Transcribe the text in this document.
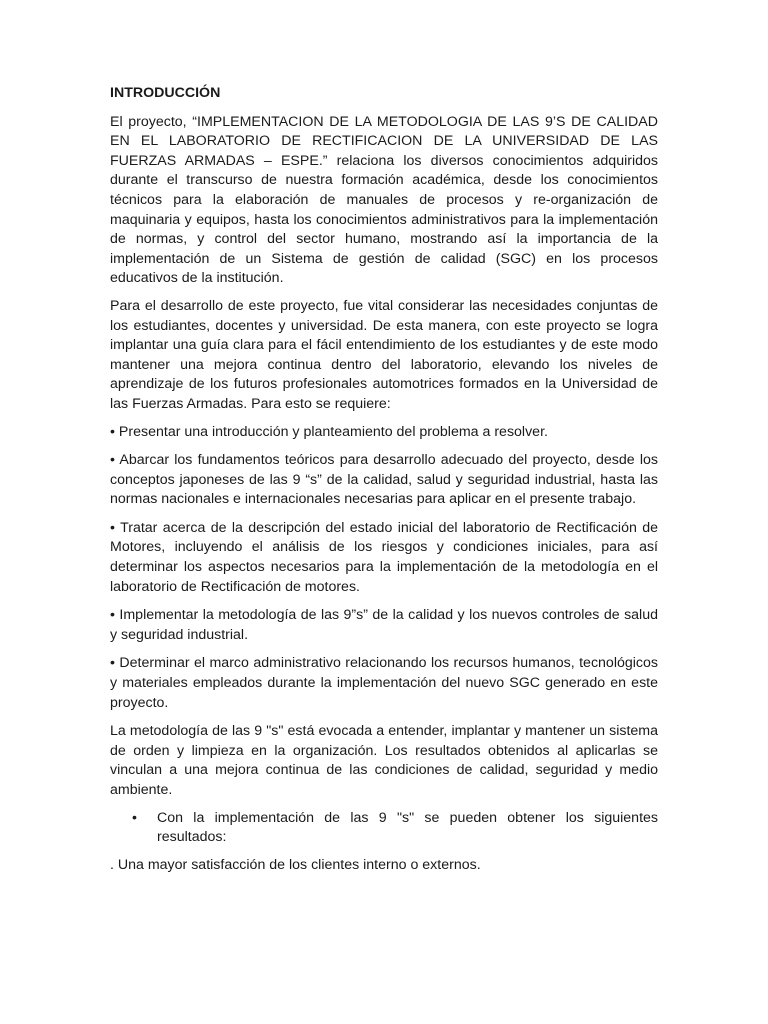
INTRODUCCIÓN

El proyecto, “IMPLEMENTACION DE LA METODOLOGIA DE LAS 9’S DE CALIDAD EN EL LABORATORIO DE RECTIFICACION DE LA UNIVERSIDAD DE LAS FUERZAS ARMADAS – ESPE.” relaciona los diversos conocimientos adquiridos durante el transcurso de nuestra formación académica, desde los conocimientos técnicos para la elaboración de manuales de procesos y re-organización de maquinaria y equipos, hasta los conocimientos administrativos para la implementación de normas, y control del sector humano, mostrando así la importancia de la implementación de un Sistema de gestión de calidad (SGC) en los procesos educativos de la institución.

Para el desarrollo de este proyecto, fue vital considerar las necesidades conjuntas de los estudiantes, docentes y universidad. De esta manera, con este proyecto se logra implantar una guía clara para el fácil entendimiento de los estudiantes y de este modo mantener una mejora continua dentro del laboratorio, elevando los niveles de aprendizaje de los futuros profesionales automotrices formados en la Universidad de las Fuerzas Armadas. Para esto se requiere:

• Presentar una introducción y planteamiento del problema a resolver.
• Abarcar los fundamentos teóricos para desarrollo adecuado del proyecto, desde los conceptos japoneses de las 9 “s” de la calidad, salud y seguridad industrial, hasta las normas nacionales e internacionales necesarias para aplicar en el presente trabajo.
• Tratar acerca de la descripción del estado inicial del laboratorio de Rectificación de Motores, incluyendo el análisis de los riesgos y condiciones iniciales, para así determinar los aspectos necesarios para la implementación de la metodología en el laboratorio de Rectificación de motores.
• Implementar la metodología de las 9”s” de la calidad y los nuevos controles de salud y seguridad industrial.
• Determinar el marco administrativo relacionando los recursos humanos, tecnológicos y materiales empleados durante la implementación del nuevo SGC generado en este proyecto.

La metodología de las 9 "s" está evocada a entender, implantar y mantener un sistema de orden y limpieza en la organización. Los resultados obtenidos al aplicarlas se vinculan a una mejora continua de las condiciones de calidad, seguridad y medio ambiente.

• Con la implementación de las 9 "s" se pueden obtener los siguientes resultados:

. Una mayor satisfacción de los clientes interno o externos.
